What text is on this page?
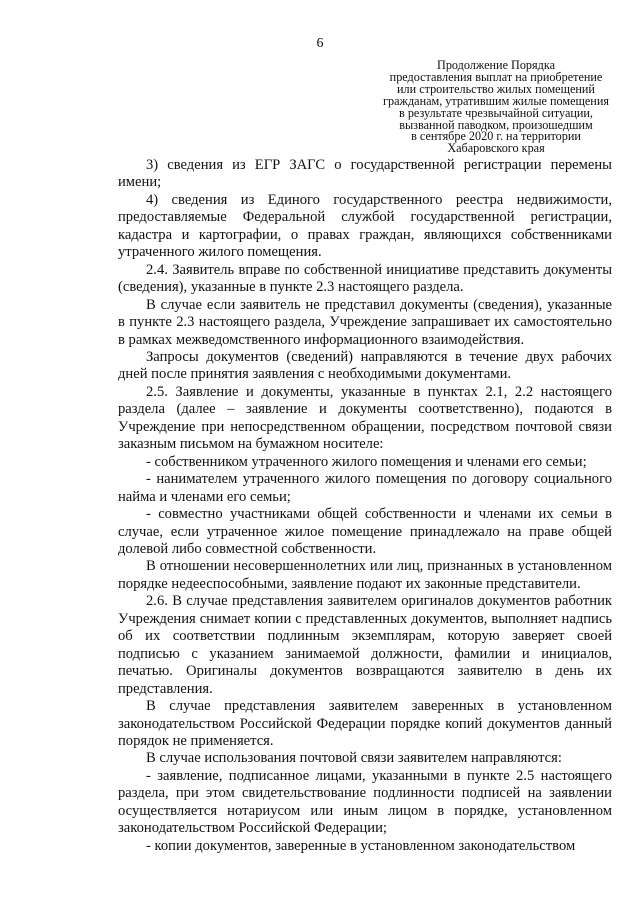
6
Продолжение Порядка
предоставления выплат на приобретение
или строительство жилых помещений
гражданам, утратившим жилые помещения
в результате чрезвычайной ситуации,
вызванной паводком, произошедшим
в сентябре 2020 г. на территории
Хабаровского края

3) сведения из ЕГР ЗАГС о государственной регистрации перемены имени;

4) сведения из Единого государственного реестра недвижимости, предоставляемые Федеральной службой государственной регистрации, кадастра и картографии, о правах граждан, являющихся собственниками утраченного жилого помещения.

2.4. Заявитель вправе по собственной инициативе представить документы (сведения), указанные в пункте 2.3 настоящего раздела.

В случае если заявитель не представил документы (сведения), указанные в пункте 2.3 настоящего раздела, Учреждение запрашивает их самостоятельно в рамках межведомственного информационного взаимодействия.

Запросы документов (сведений) направляются в течение двух рабочих дней после принятия заявления с необходимыми документами.

2.5. Заявление и документы, указанные в пунктах 2.1, 2.2 настоящего раздела (далее – заявление и документы соответственно), подаются в Учреждение при непосредственном обращении, посредством почтовой связи заказным письмом на бумажном носителе:

- собственником утраченного жилого помещения и членами его семьи;

- нанимателем утраченного жилого помещения по договору социального найма и членами его семьи;

- совместно участниками общей собственности и членами их семьи в случае, если утраченное жилое помещение принадлежало на праве общей долевой либо совместной собственности.

В отношении несовершеннолетних или лиц, признанных в установленном порядке недееспособными, заявление подают их законные представители.

2.6. В случае представления заявителем оригиналов документов работник Учреждения снимает копии с представленных документов, выполняет надпись об их соответствии подлинным экземплярам, которую заверяет своей подписью с указанием занимаемой должности, фамилии и инициалов, печатью. Оригиналы документов возвращаются заявителю в день их представления.

В случае представления заявителем заверенных в установленном законодательством Российской Федерации порядке копий документов данный порядок не применяется.

В случае использования почтовой связи заявителем направляются:

- заявление, подписанное лицами, указанными в пункте 2.5 настоящего раздела, при этом свидетельствование подлинности подписей на заявлении осуществляется нотариусом или иным лицом в порядке, установленном законодательством Российской Федерации;

- копии документов, заверенные в установленном законодательством
